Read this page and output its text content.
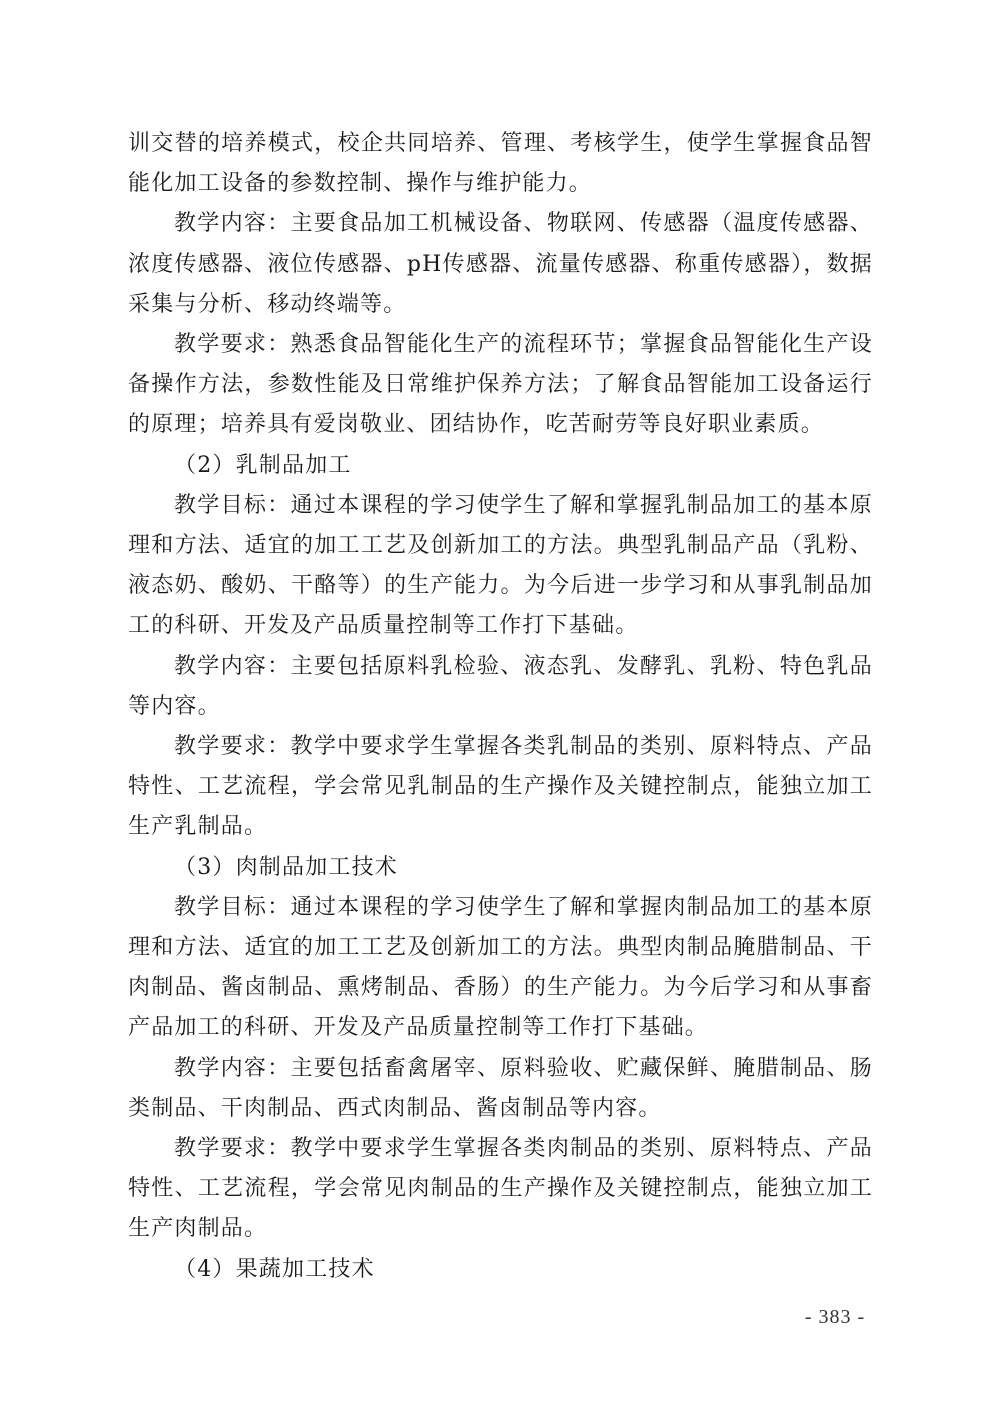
训交替的培养模式，校企共同培养、管理、考核学生，使学生掌握食品智能化加工设备的参数控制、操作与维护能力。

教学内容：主要食品加工机械设备、物联网、传感器（温度传感器、浓度传感器、液位传感器、pH传感器、流量传感器、称重传感器），数据采集与分析、移动终端等。

教学要求：熟悉食品智能化生产的流程环节；掌握食品智能化生产设备操作方法，参数性能及日常维护保养方法；了解食品智能加工设备运行的原理；培养具有爱岗敬业、团结协作，吃苦耐劳等良好职业素质。

（2）乳制品加工

教学目标：通过本课程的学习使学生了解和掌握乳制品加工的基本原理和方法、适宜的加工工艺及创新加工的方法。典型乳制品产品（乳粉、液态奶、酸奶、干酪等）的生产能力。为今后进一步学习和从事乳制品加工的科研、开发及产品质量控制等工作打下基础。

教学内容：主要包括原料乳检验、液态乳、发酵乳、乳粉、特色乳品等内容。

教学要求：教学中要求学生掌握各类乳制品的类别、原料特点、产品特性、工艺流程，学会常见乳制品的生产操作及关键控制点，能独立加工生产乳制品。

（3）肉制品加工技术

教学目标：通过本课程的学习使学生了解和掌握肉制品加工的基本原理和方法、适宜的加工工艺及创新加工的方法。典型肉制品腌腊制品、干肉制品、酱卤制品、熏烤制品、香肠）的生产能力。为今后学习和从事畜产品加工的科研、开发及产品质量控制等工作打下基础。

教学内容：主要包括畜禽屠宰、原料验收、贮藏保鲜、腌腊制品、肠类制品、干肉制品、西式肉制品、酱卤制品等内容。

教学要求：教学中要求学生掌握各类肉制品的类别、原料特点、产品特性、工艺流程，学会常见肉制品的生产操作及关键控制点，能独立加工生产肉制品。

（4）果蔬加工技术

- 383 -
